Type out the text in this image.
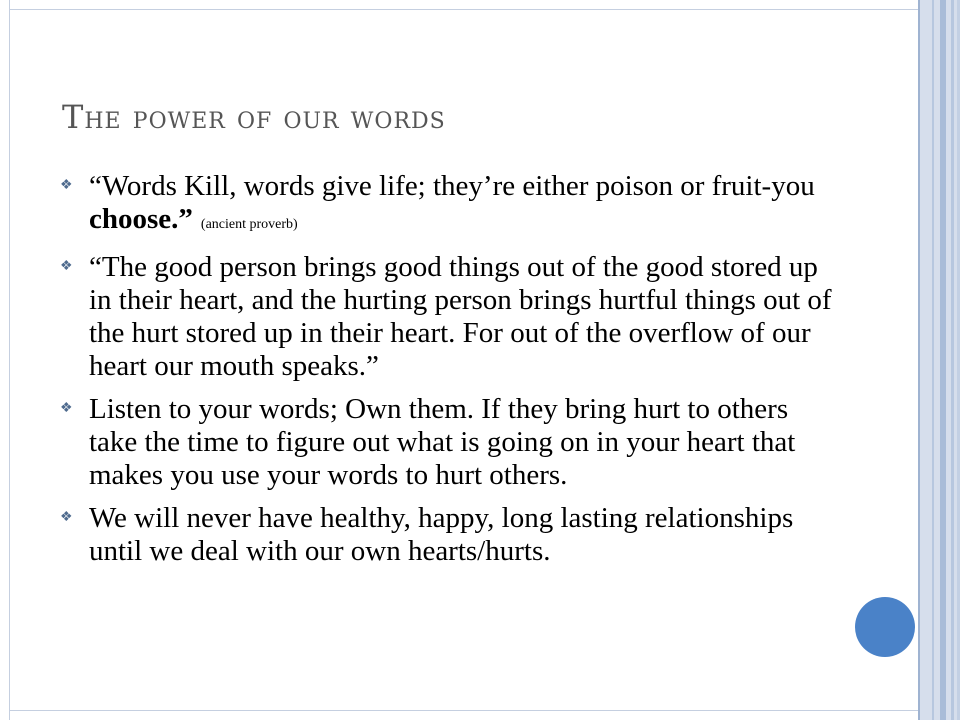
The power of our words
❖ “Words Kill, words give life; they’re either poison or fruit-you choose.” (ancient proverb)
❖ “The good person brings good things out of the good stored up in their heart, and the hurting person brings hurtful things out of the hurt stored up in their heart. For out of the overflow of our heart our mouth speaks.”
❖ Listen to your words; Own them. If they bring hurt to others take the time to figure out what is going on in your heart that makes you use your words to hurt others.
❖ We will never have healthy, happy, long lasting relationships until we deal with our own hearts/hurts.
